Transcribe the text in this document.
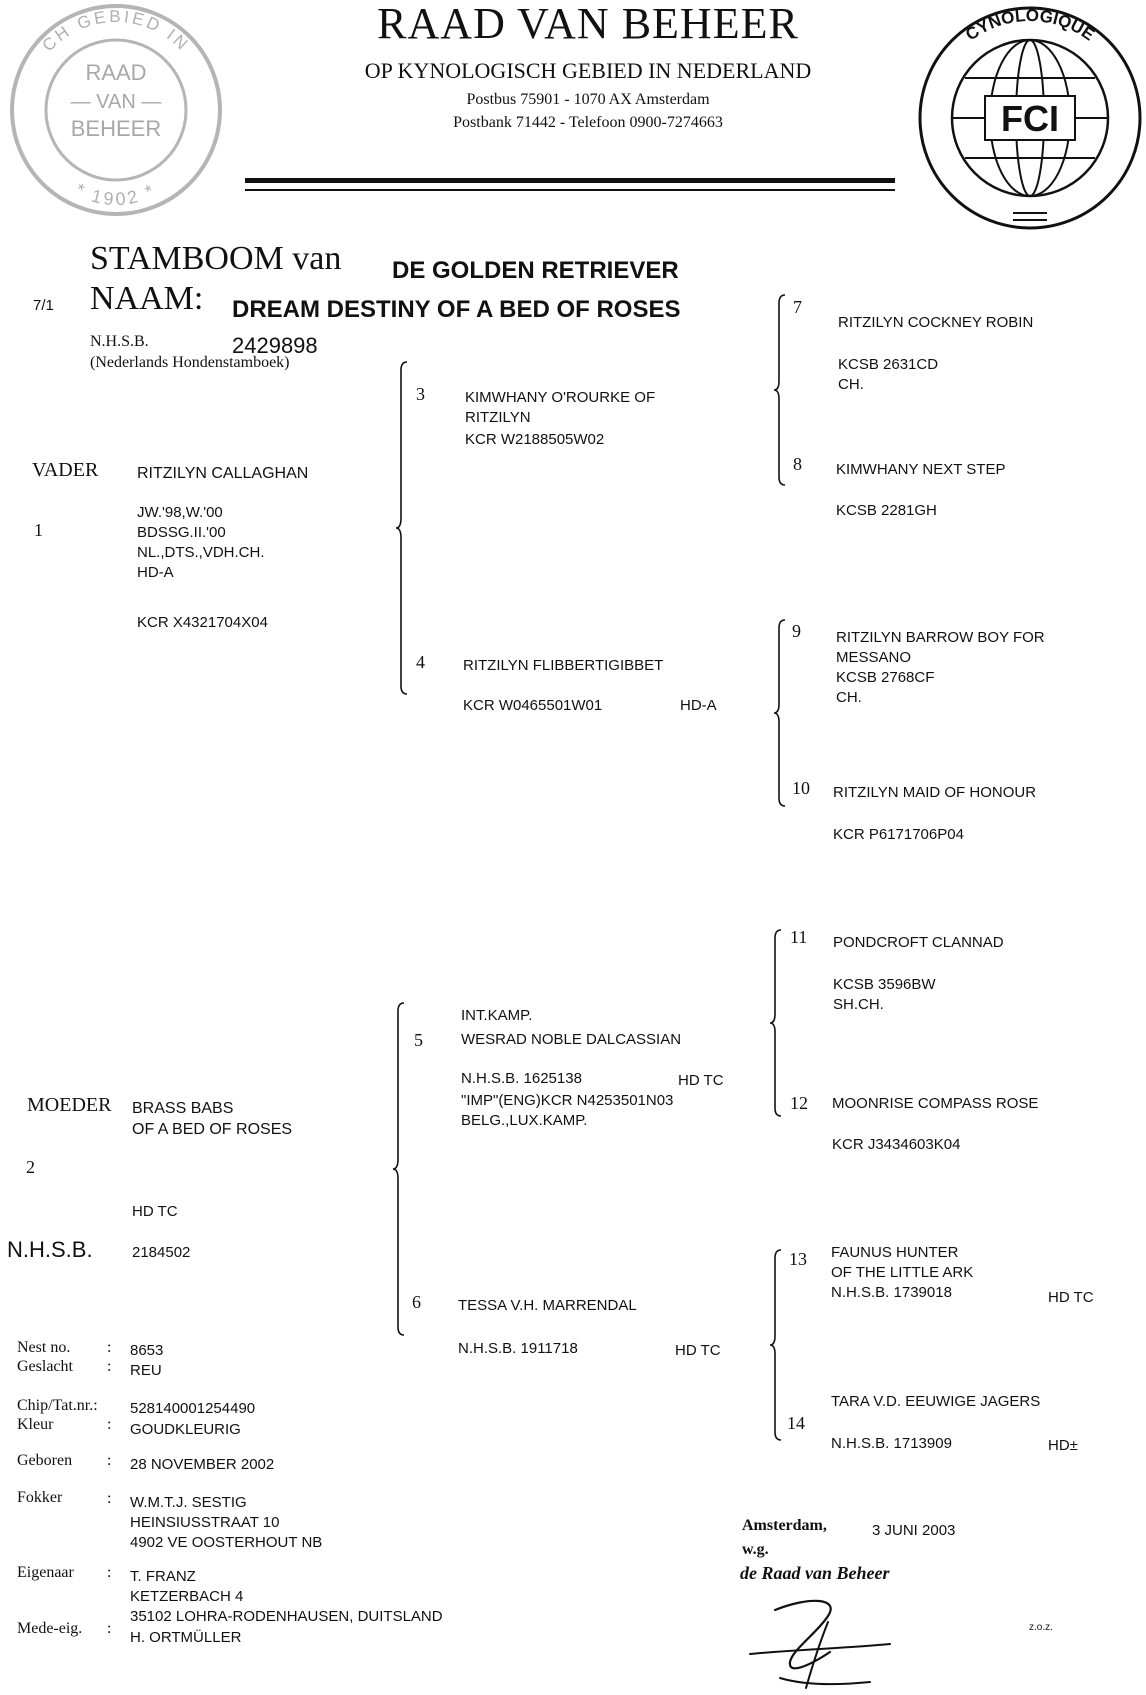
CH GEBIED IN
RAAD
— VAN —
BEHEER
* 1902 *
RAAD VAN BEHEER
OP KYNOLOGISCH GEBIED IN NEDERLAND
Postbus 75901 - 1070 AX Amsterdam
Postbank 71442 - Telefoon 0900-7274663	FCI
CYNOLOGIQUE
STAMBOOM van DE GOLDEN RETRIEVER
7/1 NAAM: DREAM DESTINY OF A BED OF ROSES
N.H.S.B.	2429898
(Nederlands Hondenstamboek)
VADER
1
RITZILYN CALLAGHAN
JW.'98,W.'00
BDSSG.II.'00
NL.,DTS.,VDH.CH.
HD-A
KCR X4321704X04
MOEDER BRASS BABS
OF A BED OF ROSES
2
HD TC
N.H.S.B.	2184502
3	KIMWHANY O'ROURKE OF
RITZILYN
KCR W2188505W02
4	RITZILYN FLIBBERTIGIBBET
KCR W0465501W01	HD-A
INT.KAMP.
5	WESRAD NOBLE DALCASSIAN
N.H.S.B. 1625138	HD TC
"IMP"(ENG)KCR N4253501N03
BELG.,LUX.KAMP.
6 TESSA V.H. MARRENDAL
N.H.S.B. 1911718	HD TC
7
RITZILYN COCKNEY ROBIN
KCSB 2631CD
CH.
8 KIMWHANY NEXT STEP
KCSB 2281GH
9 RITZILYN BARROW BOY FOR
MESSANO
KCSB 2768CF
CH.
10 RITZILYN MAID OF HONOUR
KCR P6171706P04
11 PONDCROFT CLANNAD
KCSB 3596BW
SH.CH.
12 MOONRISE COMPASS ROSE
KCR J3434603K04
13 FAUNUS HUNTER
OF THE LITTLE ARK
N.H.S.B. 1739018	HD TC
TARA V.D. EEUWIGE JAGERS
14
N.H.S.B. 1713909	HD±
Nest no. : 8653
Geslacht : REU
Chip/Tat.nr.: 528140001254490
Kleur	: GOUDKLEURIG
Geboren : 28 NOVEMBER 2002
Fokker	: W.M.T.J. SESTIG
HEINSIUSSTRAAT 10
4902 VE OOSTERHOUT NB
Eigenaar : T. FRANZ
KETZERBACH 4
35102 LOHRA-RODENHAUSEN, DUITSLAND
Mede-eig. :
H. ORTMÜLLER
Amsterdam,	3 JUNI 2003
w.g.
de Raad van Beheer
z.o.z.
